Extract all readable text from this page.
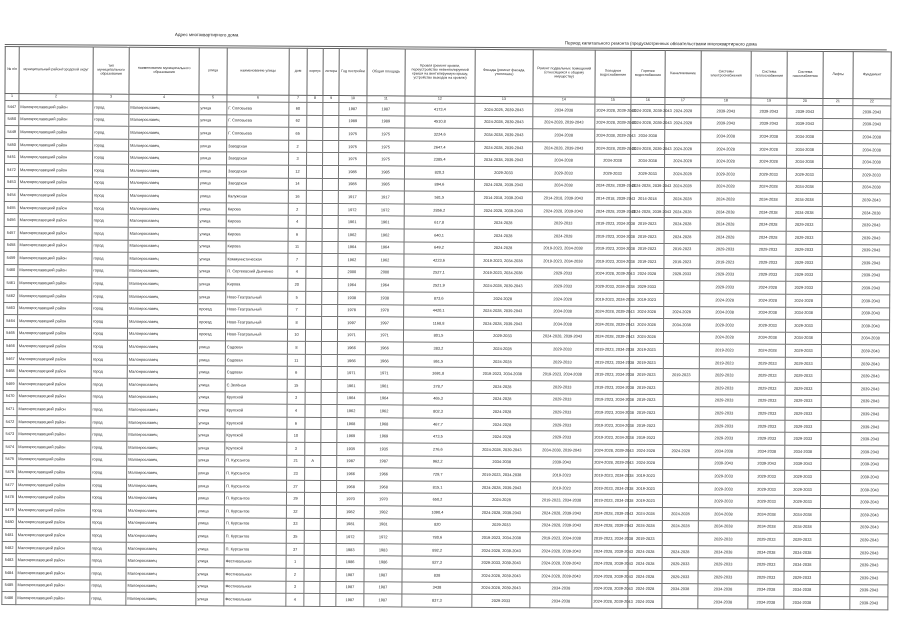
Адрес многоквартирного дома
Период капитального ремонта (предусмотренных обязательствами многоквартирного дома
№ п/п	муниципальный район/городской округ	тип муниципального образования	наименование муниципального образования	улица	наименование улицы	дом	корпус	литера	Год постройки	Общая площадь	Кровля (ремонт кровли, переустройство невентилируемой крыши на вентилируемую крышу, устройство выходов на кровлю)	Фасады (ремонт фасада, утепление)	Ремонт подвальных помещений (относящихся к общему имуществу)	Холодное водоснабжение	Горячее водоснабжение	Канализование	Системы электроснабжения	Система теплоснабжения	Система газоснабжения	Лифты	Фундамент
1	2	3	4	5	6	7	8	9	10	11	12	13	14	15	16	17	18	19	20	21	22
5447	Малоярославецкий район	город	Малоярославец	улица	Г. Соловьева	60			1987	1987	4173,4	2024-2025, 2039-2043	2034-2038	2024-2028, 2039-2043	2024-2028, 2039-2043	2024-2028	2039-2043	2039-2043	2039-2043		2039-2043
5450	Малоярославецкий район	город	Малоярославец	улица	Г. Соловьева	62			1989	1989	4510,8	2024-2028, 2039-2043	2024-2028, 2039-2043	2024-2028, 2039-2043	2024-2028, 2039-2043	2024-2028	2039-2043	2039-2043	2039-2043		2039-2043
5449	Малоярославецкий район	город	Малоярославец	улица	Г. Соловьева	65			1975	1975	3224,6	2034-2038, 2039-2043	2034-2038	2034-2038, 2039-2043	2034-2038		2034-2038	2034-2038	2034-2038		2034-2038
5450	Малоярославецкий район	город	Малоярославец	улица	Заводская	2			1975	1975	2647,4	2024-2028, 2039-2043	2024-2028, 2039-2043	2024-2028, 2039-2043	2024-2028, 2039-2043	2024-2028	2024-2028	2024-2028	2034-2038		2034-2038
5451	Малоярославецкий район	город	Малоярославец	улица	Заводская	3			1975	1975	2385,4	2034-2038, 2039-2043	2034-2038	2034-2038	2034-2038	2024-2028	2024-2028	2024-2028	2034-2038		2034-2038
5472	Малоярославецкий район	город	Малоярославец	улица	Заводская	12			1985	1985	820,3	2029-2033	2029-2033	2029-2033	2029-2033	2024-2028	2029-2033	2029-2033	2029-2033		2029-2033
5453	Малоярославецкий район	город	Малоярославец	улица	Заводская	14			1985	1985	894,6	2024-2028, 2039-2043	2034-2038	2024-2028, 2039-2043	2024-2028, 2039-2043	2024-2028	2024-2028	2024-2028	2034-2038		2034-2038
5454	Малоярославецкий район	город	Малоярославец	улица	Калужская	16			1917	1917	581,5	2014-2018, 2039-2043	2014-2018, 2039-2043	2014-2018, 2039-2043	2014-2018	2024-2028	2024-2028	2034-2038	2034-2038		2039-2043
5455	Малоярославецкий район	город	Малоярославец	улица	Кирова	2			1972	1972	2856,2	2024-2028, 2039-2043	2024-2028, 2039-2043	2024-2028, 2039-2043	2024-2028, 2039-2043	2024-2028	2034-2038	2034-2038	2034-2038		2034-2038
5456	Малоярославецкий район	город	Малоярославец	улица	Кирова	4			1961	1961	617,8	2024-2028	2029-2033	2019-2023, 2034-2038	2019-2023	2024-2028	2024-2028	2024-2028	2029-2033		2039-2043
5457	Малоярославецкий район	город	Малоярославец	улица	Кирова	6			1962	1962	640,1	2024-2028	2024-2028	2019-2023, 2034-2038	2019-2023	2024-2028	2024-2028	2024-2028	2029-2033		2039-2043
5458	Малоярославецкий район	город	Малоярославец	улица	Кирова	11			1964	1964	649,2	2024-2028	2019-2023, 2034-2038	2019-2023, 2034-2038	2019-2023	2019-2023	2029-2033	2029-2033	2029-2033		2039-2043
5459	Малоярославецкий район	город	Малоярославец	улица	Коммунистическая	7			1962	1962	4223,6	2019-2023, 2034-2038	2019-2023, 2034-2038	2019-2023, 2034-2038	2019-2023	2019-2023	2019-2023	2029-2033	2029-2033		2039-2043
5460	Малоярославецкий район	город	Малоярославец	улица	П. Сергеевский Дьяченко	4			2000	2000	2527,1	2019-2023, 2034-2038	2029-2033	2024-2028, 2039-2043	2024-2028	2029-2033	2029-2033	2029-2033	2029-2033		2039-2043
5461	Малоярославецкий район	город	Малоярославец	улица	Кирова	20			1964	1964	2521,9	2024-2028, 2039-2043	2029-2033	2029-2033, 2034-2038	2029-2033		2029-2033	2024-2028	2029-2033		2039-2043
5462	Малоярославецкий район	город	Малоярославец	улица	Ново-Театральный	5			1938	1938	873,6	2024-2028	2024-2028	2019-2023, 2034-2038	2019-2023		2024-2028	2024-2028	2024-2028		2039-2043
5463	Малоярославецкий район	город	Малоярославец	проезд	Ново-Театральный	7			1978	1978	4420,1	2024-2028, 2039-2043	2034-2038	2024-2028, 2039-2043	2024-2028	2024-2028	2034-2038	2034-2038	2034-2038		2039-2043
5464	Малоярославецкий район	город	Малоярославец	проезд	Ново-Театральный	8			1997	1997	1168,8	2024-2028, 2039-2043	2034-2038	2024-2028, 2039-2043	2024-2028	2034-2038	2029-2033	2029-2033	2029-2033		2039-2043
5465	Малоярославецкий район	город	Малоярославец	проезд	Ново-Театральный	10			1971	1971	801,5	2029-2033	2024-2028, 2039-2043	2024-2028, 2039-2043	2024-2028		2024-2028	2034-2038	2034-2038		2034-2038
5466	Малоярославецкий район	город	Малоярославец	улица	Садовая	8			1966	1966	383,2	2024-2028	2029-2033	2019-2023, 2034-2038	2019-2023		2019-2023	2024-2028	2029-2033		2039-2043
5467	Малоярославецкий район	город	Малоярославец	улица	Садовая	11			1966	1966	861,5	2024-2028	2029-2033	2019-2023, 2034-2038	2019-2023		2019-2023	2029-2033	2029-2033		2039-2043
5468	Малоярославецкий район	город	Малоярославец	улица	Садовая	6			1971	1971	3691,8	2019-2023, 2034-2038	2019-2023, 2034-2038	2019-2023, 2034-2038	2019-2023	2019-2023	2029-2033	2029-2033	2029-2033		2039-2043
5469	Малоярославецкий район	город	Малоярославец	улица	С.Зелёная	15			1961	1961	378,7	2024-2028	2029-2033	2019-2023, 2034-2038	2019-2023		2029-2033	2029-2033	2029-2033		2039-2043
5470	Малоярославецкий район	город	Малоярославец	улица	Крупской	3			1964	1964	465,3	2024-2028	2029-2033	2019-2023, 2034-2038	2019-2023		2029-2033	2029-2033	2029-2033		2039-2043
5471	Малоярославецкий район	город	Малоярославец	улица	Крупской	4			1962	1962	802,3	2024-2028	2029-2033	2019-2023, 2034-2038	2019-2023		2029-2033	2029-2033	2029-2033		2039-2043
5472	Малоярославецкий район	город	Малоярославец	улица	Крупской	6			1968	1968	467,7	2024-2028	2029-2033	2019-2023, 2034-2038	2019-2023		2029-2033	2029-2033	2029-2033		2039-2043
5473	Малоярославецкий район	город	Малоярославец	улица	Крупской	10			1969	1969	473,5	2024-2028	2029-2033	2019-2023, 2034-2038	2019-2023		2029-2033	2029-2033	2029-2033		2039-2043
5474	Малоярославецкий район	город	Малоярославец	улица	Крупской	3			1935	1935	276,6	2024-2028, 2039-2043	2034-2038, 2039-2043	2024-2028, 2039-2043	2024-2028	2024-2028	2034-2038	2034-2038	2034-2038		2039-2043
5475	Малоярославецкий район	город	Малоярославец	улица	П. Курсантов	21	А		1987	1987	962,2	2034-2038	2039-2043	2024-2028, 2039-2043	2024-2028		2039-2043	2039-2043	2039-2043		2039-2043
5476	Малоярославецкий район	город	Малоярославец	улица	П. Курсантов	23			1966	1966	729,7	2019-2023, 2034-2038	2019-2023	2019-2023, 2034-2038	2019-2023		2029-2033	2029-2033	2029-2033		2039-2043
5477	Малоярославецкий район	город	Малоярославец	улица	П. Курсантов	27			1968	1968	815,1	2024-2028, 2039-2043	2019-2023	2019-2023, 2034-2038	2019-2023		2029-2033	2029-2033	2029-2033		2039-2043
5478	Малоярославецкий район	город	Малоярославец	улица	П. Курсантов	29			1970	1970	650,2	2024-2028	2019-2023, 2034-2038	2019-2023, 2034-2038	2019-2023		2029-2033	2029-2033	2029-2033		2039-2043
5479	Малоярославецкий район	город	Малоярославец	улица	П. Курсантов	32			1982	1982	1090,4	2024-2028, 2039-2043	2024-2028, 2039-2043	2024-2028, 2039-2043	2024-2028	2024-2028	2034-2038	2034-2038	2034-2038		2039-2043
5480	Малоярославецкий район	город	Малоярославец	улица	П. Курсантов	33			1981	1981	820	2029-2033	2024-2028, 2039-2043	2024-2028, 2039-2043	2024-2028	2024-2028	2034-2038	2034-2038	2034-2038		2039-2043
5481	Малоярославецкий район	город	Малоярославец	улица	П. Курсантов	35			1972	1972	780,6	2019-2023, 2034-2038	2019-2023, 2034-2038	2019-2023, 2034-2038	2019-2023		2029-2033	2029-2033	2029-2033		2039-2043
5482	Малоярославецкий район	город	Малоярославец	улица	П. Курсантов	37			1983	1983	892,2	2024-2028, 2039-2043	2024-2028, 2039-2043	2024-2028, 2039-2043	2024-2028	2024-2028	2034-2038	2034-2038	2034-2038		2039-2043
5483	Малоярославецкий район	город	Малоярославец	улица	Фестивальная	1			1986	1986	827,3	2029-2033, 2039-2043	2024-2028, 2039-2043	2024-2028, 2039-2043	2024-2028	2029-2033	2029-2033	2029-2033	2034-2038		2039-2043
5484	Малоярославецкий район	город	Малоярославец	улица	Фестивальная	2			1987	1987	838	2024-2028, 2039-2043	2024-2028, 2039-2043	2024-2028, 2039-2043	2024-2028	2029-2033	2029-2033	2029-2033	2029-2033		2039-2043
5485	Малоярославецкий район	город	Малоярославец	улица	Фестивальная	3			1987	1987	3438	2024-2028, 2039-2043	2034-2038	2024-2028, 2039-2043	2024-2028	2034-2038	2034-2038	2034-2038	2034-2038		2039-2043
5486	Малоярославецкий район	город	Малоярославец	улица	Фестивальная	4			1987	1987	837,3	2029-2033	2034-2038	2024-2028, 2039-2043	2024-2028		2034-2038	2034-2038	2034-2038		2039-2043
